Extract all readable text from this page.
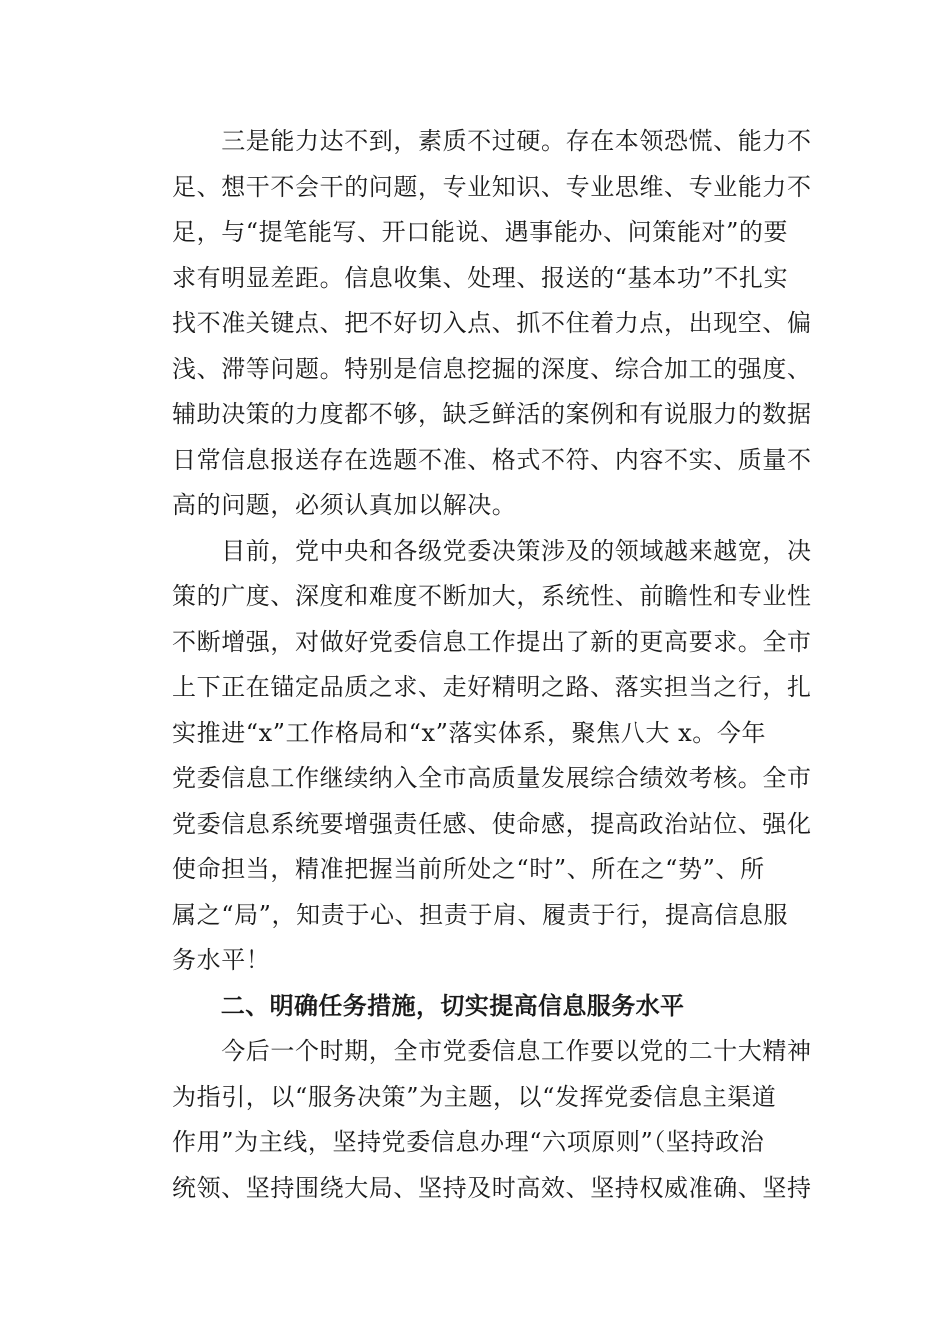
　　三是能力达不到，素质不过硬。存在本领恐慌、能力不
足、想干不会干的问题，专业知识、专业思维、专业能力不
足，与“提笔能写、开口能说、遇事能办、问策能对”的要
求有明显差距。信息收集、处理、报送的“基本功”不扎实
找不准关键点、把不好切入点、抓不住着力点，出现空、偏
浅、滞等问题。特别是信息挖掘的深度、综合加工的强度、
辅助决策的力度都不够，缺乏鲜活的案例和有说服力的数据
日常信息报送存在选题不准、格式不符、内容不实、质量不
高的问题，必须认真加以解决。
　　目前，党中央和各级党委决策涉及的领域越来越宽，决
策的广度、深度和难度不断加大，系统性、前瞻性和专业性
不断增强，对做好党委信息工作提出了新的更高要求。全市
上下正在锚定品质之求、走好精明之路、落实担当之行，扎
实推进“x”工作格局和“x”落实体系，聚焦八大 x。今年
党委信息工作继续纳入全市高质量发展综合绩效考核。全市
党委信息系统要增强责任感、使命感，提高政治站位、强化
使命担当，精准把握当前所处之“时”、所在之“势”、所
属之“局”，知责于心、担责于肩、履责于行，提高信息服
务水平！
　　二、明确任务措施，切实提高信息服务水平
　　今后一个时期，全市党委信息工作要以党的二十大精神
为指引，以“服务决策”为主题，以“发挥党委信息主渠道
作用”为主线，坚持党委信息办理“六项原则”（坚持政治
统领、坚持围绕大局、坚持及时高效、坚持权威准确、坚持
